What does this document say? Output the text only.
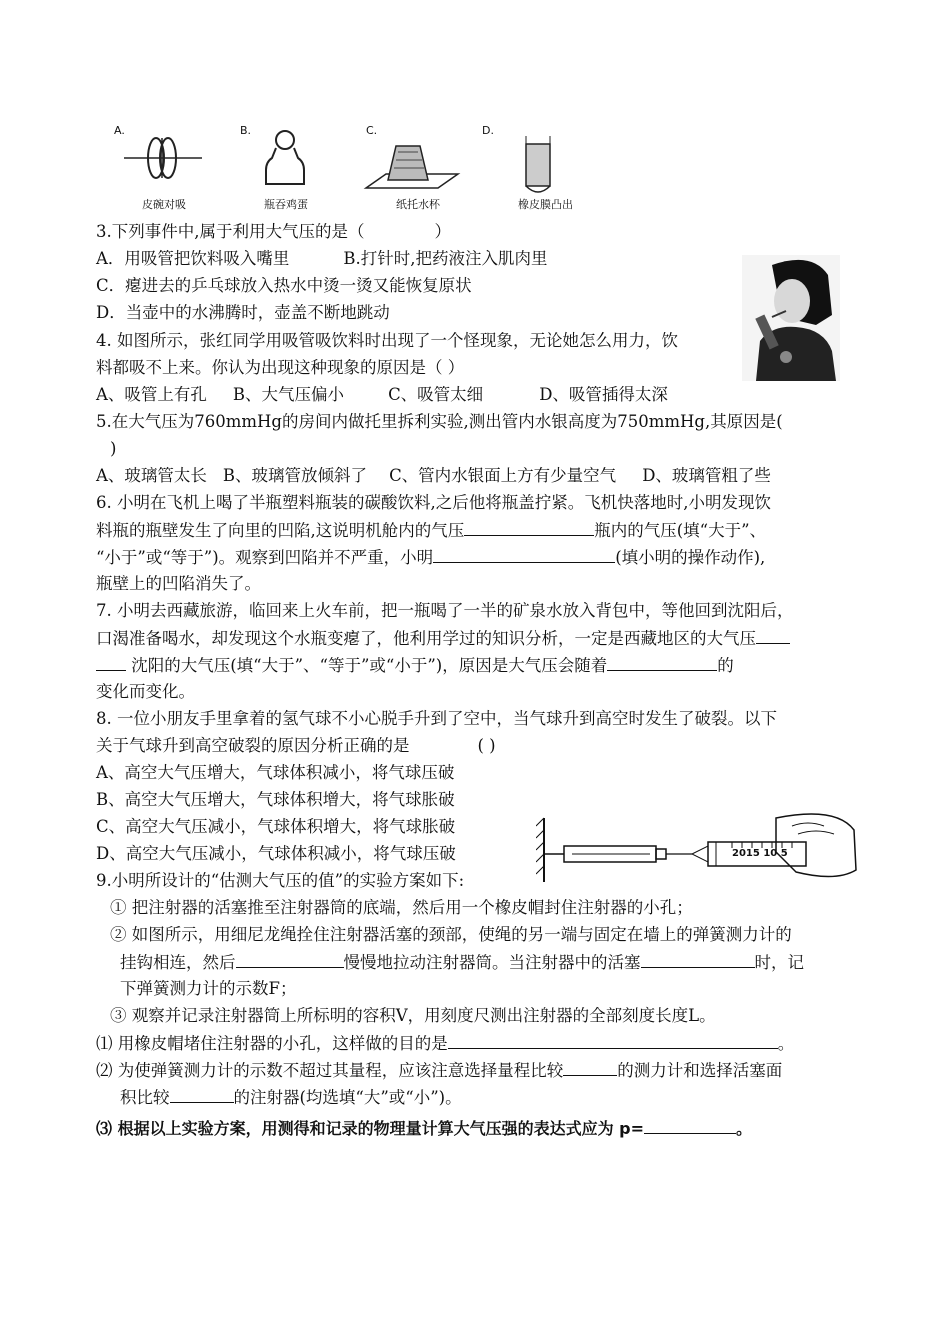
A.	B.	C.	D.
皮碗对吸	瓶吞鸡蛋	纸托水杯	橡皮膜凸出
3.下列事件中,属于利用大气压的是（	）
A．用吸管把饮料吸入嘴里	B.打针时,把药液注入肌肉里
C．瘪进去的乒乓球放入热水中烫一烫又能恢复原状
D．当壶中的水沸腾时，壶盖不断地跳动
4. 如图所示，张红同学用吸管吸饮料时出现了一个怪现象，无论她怎么用力，饮
料都吸不上来。你认为出现这种现象的原因是（ ）
A、吸管上有孔 B、大气压偏小	C、吸管太细	D、吸管插得太深
5.在大气压为760mmHg的房间内做托里拆利实验,测出管内水银高度为750mmHg,其原因是(
)
A、玻璃管太长 B、玻璃管放倾斜了 C、管内水银面上方有少量空气 D、玻璃管粗了些
6. 小明在飞机上喝了半瓶塑料瓶装的碳酸饮料,之后他将瓶盖拧紧。飞机快落地时,小明发现饮
料瓶的瓶壁发生了向里的凹陷,这说明机舱内的气压	瓶内的气压(填“大于”、
“小于”或“等于”)。观察到凹陷并不严重，小明	(填小明的操作动作),
瓶壁上的凹陷消失了。
7. 小明去西藏旅游，临回来上火车前，把一瓶喝了一半的矿泉水放入背包中，等他回到沈阳后，
口渴准备喝水，却发现这个水瓶变瘪了，他利用学过的知识分析，一定是西藏地区的大气压
沈阳的大气压(填“大于”、“等于”或“小于”)，原因是大气压会随着	的
变化而变化。
8. 一位小朋友手里拿着的氢气球不小心脱手升到了空中，当气球升到高空时发生了破裂。以下
关于气球升到高空破裂的原因分析正确的是	( )
A、高空大气压增大，气球体积减小，将气球压破
B、高空大气压增大，气球体积增大，将气球胀破
C、高空大气压减小，气球体积增大，将气球胀破
D、高空大气压减小，气球体积减小，将气球压破	2015 10 5
9.小明所设计的“估测大气压的值”的实验方案如下:
① 把注射器的活塞推至注射器筒的底端，然后用一个橡皮帽封住注射器的小孔；
② 如图所示，用细尼龙绳拴住注射器活塞的颈部，使绳的另一端与固定在墙上的弹簧测力计的
挂钩相连，然后	慢慢地拉动注射器筒。当注射器中的活塞	时，记
下弹簧测力计的示数F；
③ 观察并记录注射器筒上所标明的容积V，用刻度尺测出注射器的全部刻度长度L。
⑴ 用橡皮帽堵住注射器的小孔，这样做的目的是	。
⑵ 为使弹簧测力计的示数不超过其量程，应该注意选择量程比较	的测力计和选择活塞面
积比较	的注射器(均选填“大”或“小”)。
⑶ 根据以上实验方案，用测得和记录的物理量计算大气压强的表达式应为 p=	。
